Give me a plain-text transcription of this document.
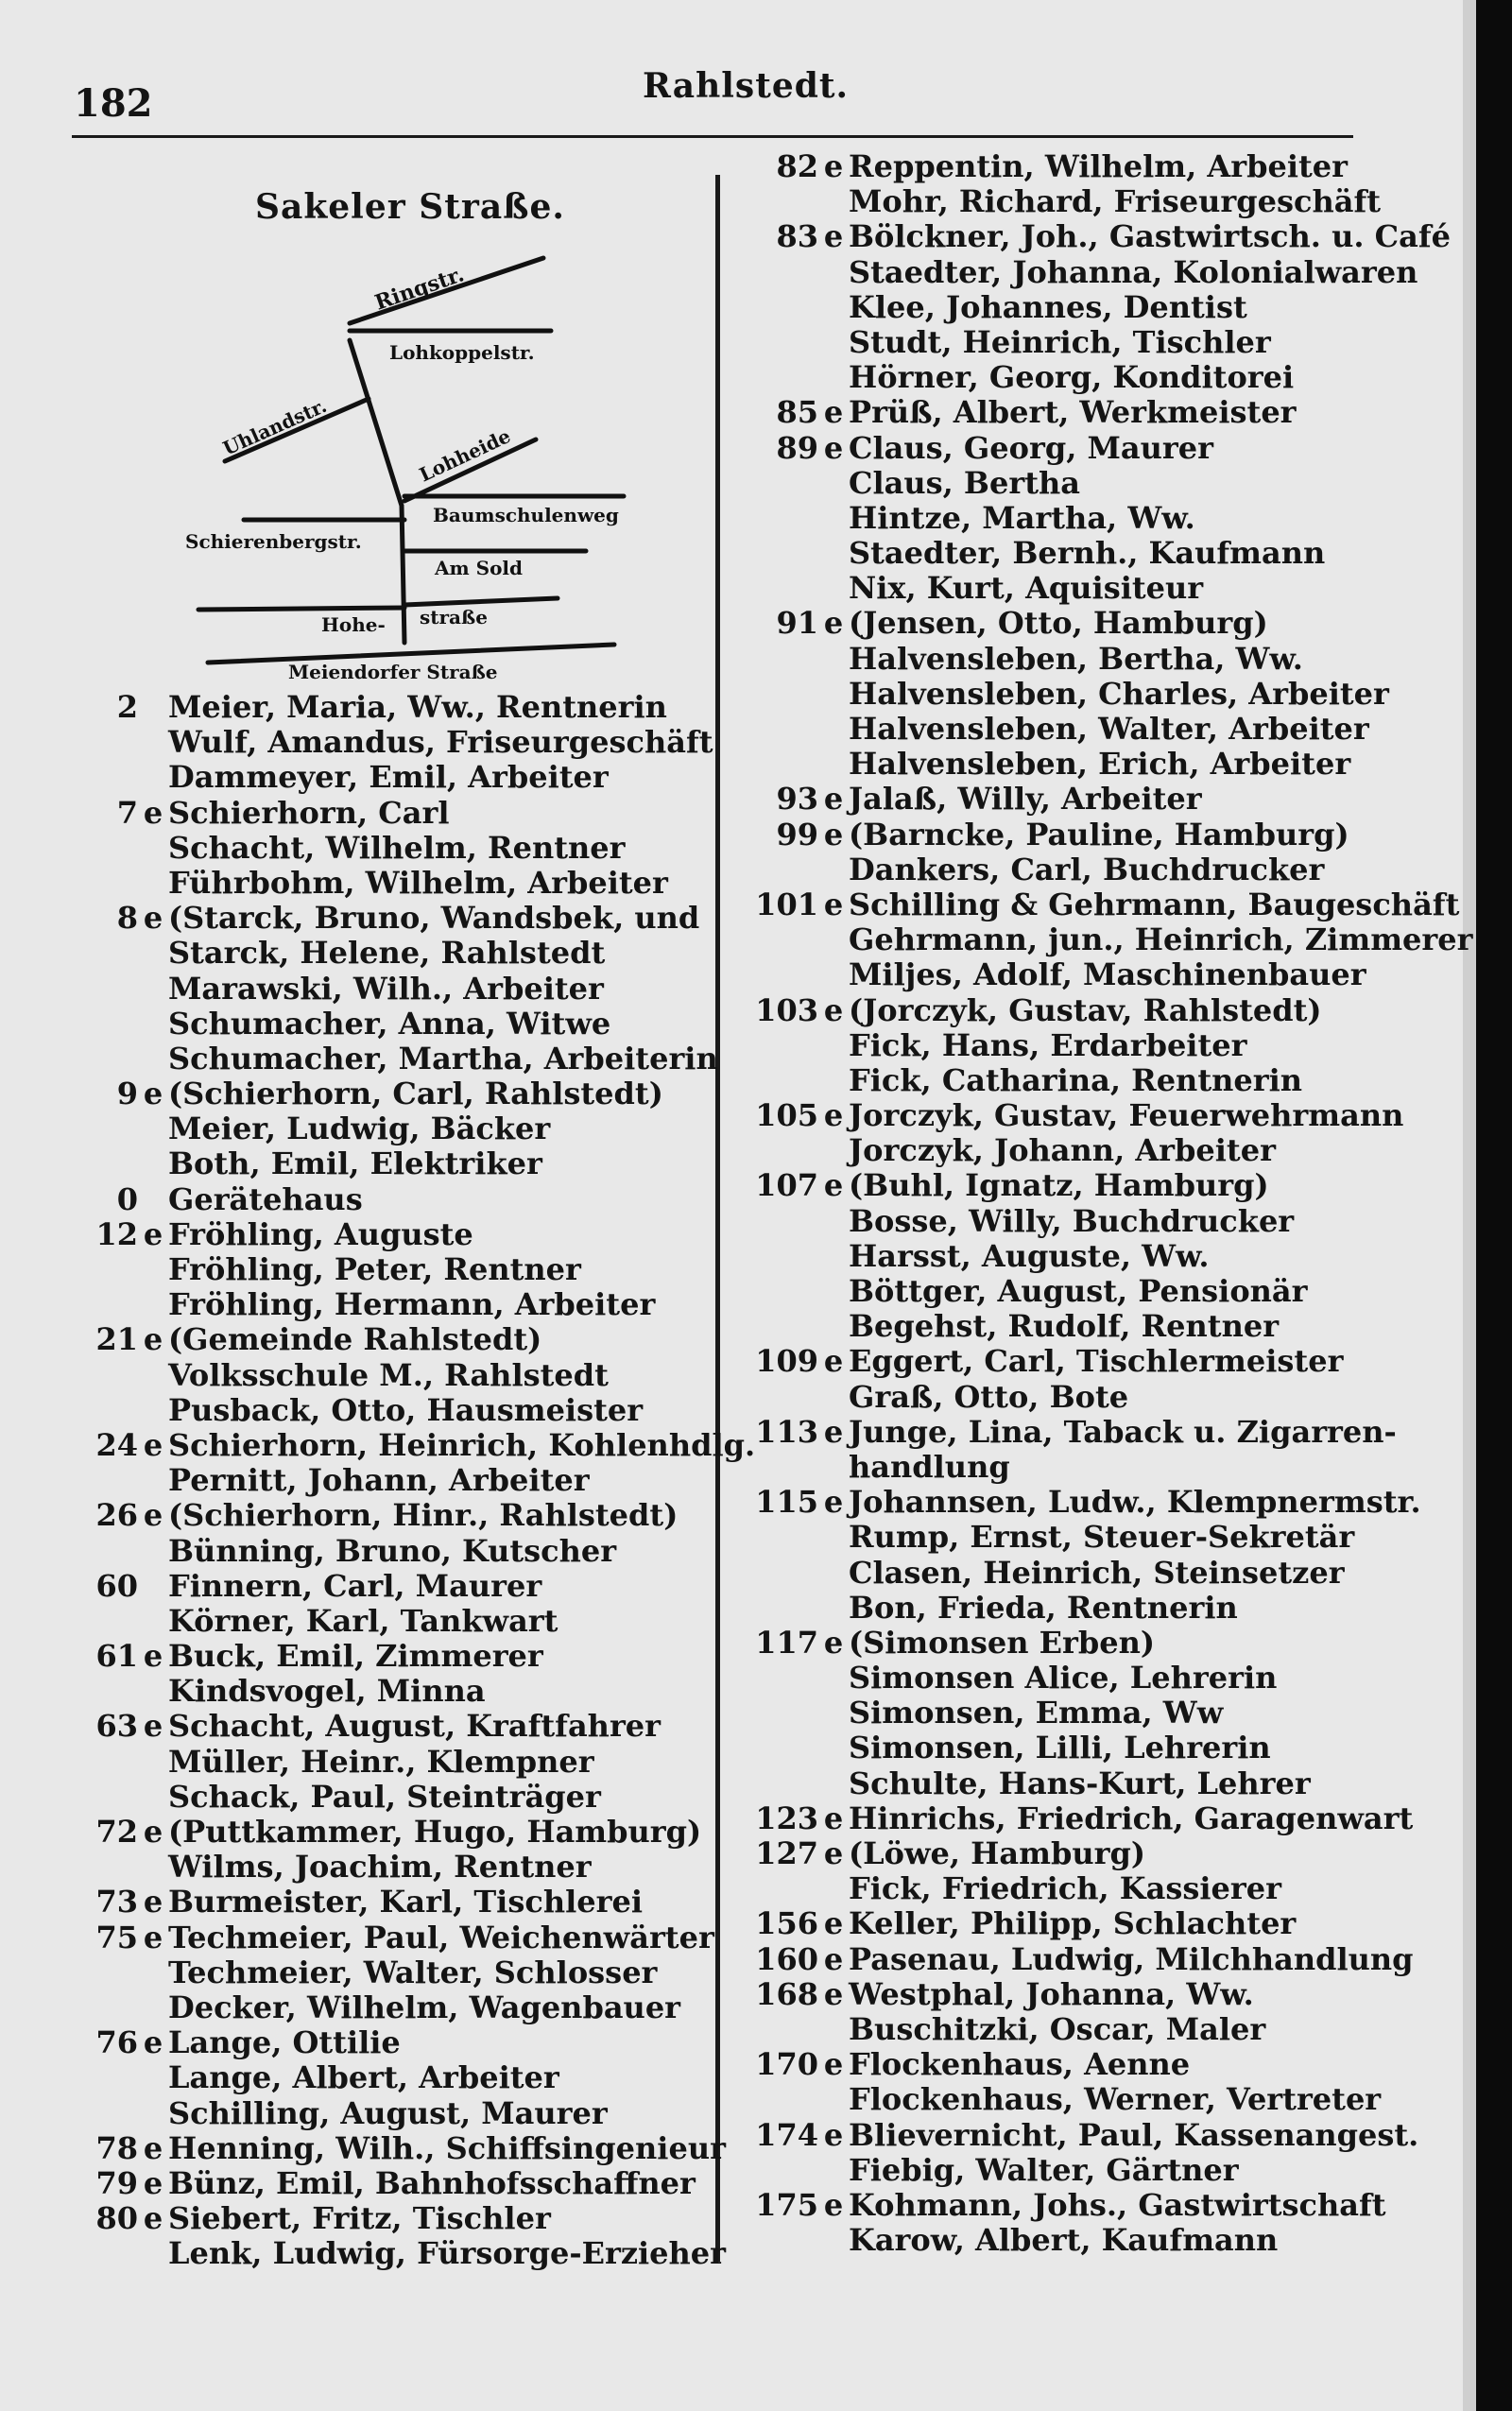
182	Rahlstedt.
Sakeler Straße.
Ringstr.
Lohkoppelstr.
Uhlandstr.	Lohheide
Schierenbergstr.
Baumschulenweg
Am Sold
Hohe- straße
Meiendorfer Straße
2 Meier, Maria, Ww., Rentnerin
Wulf, Amandus, Friseurgeschäft
Dammeyer, Emil, Arbeiter
7 e Schierhorn, Carl
Schacht, Wilhelm, Rentner
Führbohm, Wilhelm, Arbeiter
8 e (Starck, Bruno, Wandsbek, und
Starck, Helene, Rahlstedt
Marawski, Wilh., Arbeiter
Schumacher, Anna, Witwe
Schumacher, Martha, Arbeiterin
9 e (Schierhorn, Carl, Rahlstedt)
Meier, Ludwig, Bäcker
Both, Emil, Elektriker
0 Gerätehaus
12 e Fröhling, Auguste
Fröhling, Peter, Rentner
Fröhling, Hermann, Arbeiter
21 e (Gemeinde Rahlstedt)
Volksschule M., Rahlstedt
Pusback, Otto, Hausmeister
24 e Schierhorn, Heinrich, Kohlenhdlg.
Pernitt, Johann, Arbeiter
26 e (Schierhorn, Hinr., Rahlstedt)
Bünning, Bruno, Kutscher
60 Finnern, Carl, Maurer
Körner, Karl, Tankwart
61 e Buck, Emil, Zimmerer
Kindsvogel, Minna
63 e Schacht, August, Kraftfahrer
Müller, Heinr., Klempner
Schack, Paul, Steinträger
72 e (Puttkammer, Hugo, Hamburg)
Wilms, Joachim, Rentner
73 e Burmeister, Karl, Tischlerei
75 e Techmeier, Paul, Weichenwärter
Techmeier, Walter, Schlosser
Decker, Wilhelm, Wagenbauer
76 e Lange, Ottilie
Lange, Albert, Arbeiter
Schilling, August, Maurer
78 e Henning, Wilh., Schiffsingenieur
79 e Bünz, Emil, Bahnhofsschaffner
80 e Siebert, Fritz, Tischler
Lenk, Ludwig, Fürsorge-Erzieher
82 e Reppentin, Wilhelm, Arbeiter
Mohr, Richard, Friseurgeschäft
83 e Bölckner, Joh., Gastwirtsch. u. Café
Staedter, Johanna, Kolonialwaren
Klee, Johannes, Dentist
Studt, Heinrich, Tischler
Hörner, Georg, Konditorei
85 e Prüß, Albert, Werkmeister
89 e Claus, Georg, Maurer
Claus, Bertha
Hintze, Martha, Ww.
Staedter, Bernh., Kaufmann
Nix, Kurt, Aquisiteur
91 e (Jensen, Otto, Hamburg)
Halvensleben, Bertha, Ww.
Halvensleben, Charles, Arbeiter
Halvensleben, Walter, Arbeiter
Halvensleben, Erich, Arbeiter
93 e Jalaß, Willy, Arbeiter
99 e (Barncke, Pauline, Hamburg)
Dankers, Carl, Buchdrucker
101 e Schilling & Gehrmann, Baugeschäft
Gehrmann, jun., Heinrich, Zimmerer
Miljes, Adolf, Maschinenbauer
103 e (Jorczyk, Gustav, Rahlstedt)
Fick, Hans, Erdarbeiter
Fick, Catharina, Rentnerin
105 e Jorczyk, Gustav, Feuerwehrmann
Jorczyk, Johann, Arbeiter
107 e (Buhl, Ignatz, Hamburg)
Bosse, Willy, Buchdrucker
Harsst, Auguste, Ww.
Böttger, August, Pensionär
Begehst, Rudolf, Rentner
109 e Eggert, Carl, Tischlermeister
Graß, Otto, Bote
113 e Junge, Lina, Taback u. Zigarren-
handlung
115 e Johannsen, Ludw., Klempnermstr.
Rump, Ernst, Steuer-Sekretär
Clasen, Heinrich, Steinsetzer
Bon, Frieda, Rentnerin
117 e (Simonsen Erben)
Simonsen Alice, Lehrerin
Simonsen, Emma, Ww
Simonsen, Lilli, Lehrerin
Schulte, Hans-Kurt, Lehrer
123 e Hinrichs, Friedrich, Garagenwart
127 e (Löwe, Hamburg)
Fick, Friedrich, Kassierer
156 e Keller, Philipp, Schlachter
160 e Pasenau, Ludwig, Milchhandlung
168 e Westphal, Johanna, Ww.
Buschitzki, Oscar, Maler
170 e Flockenhaus, Aenne
Flockenhaus, Werner, Vertreter
174 e Blievernicht, Paul, Kassenangest.
Fiebig, Walter, Gärtner
175 e Kohmann, Johs., Gastwirtschaft
Karow, Albert, Kaufmann
